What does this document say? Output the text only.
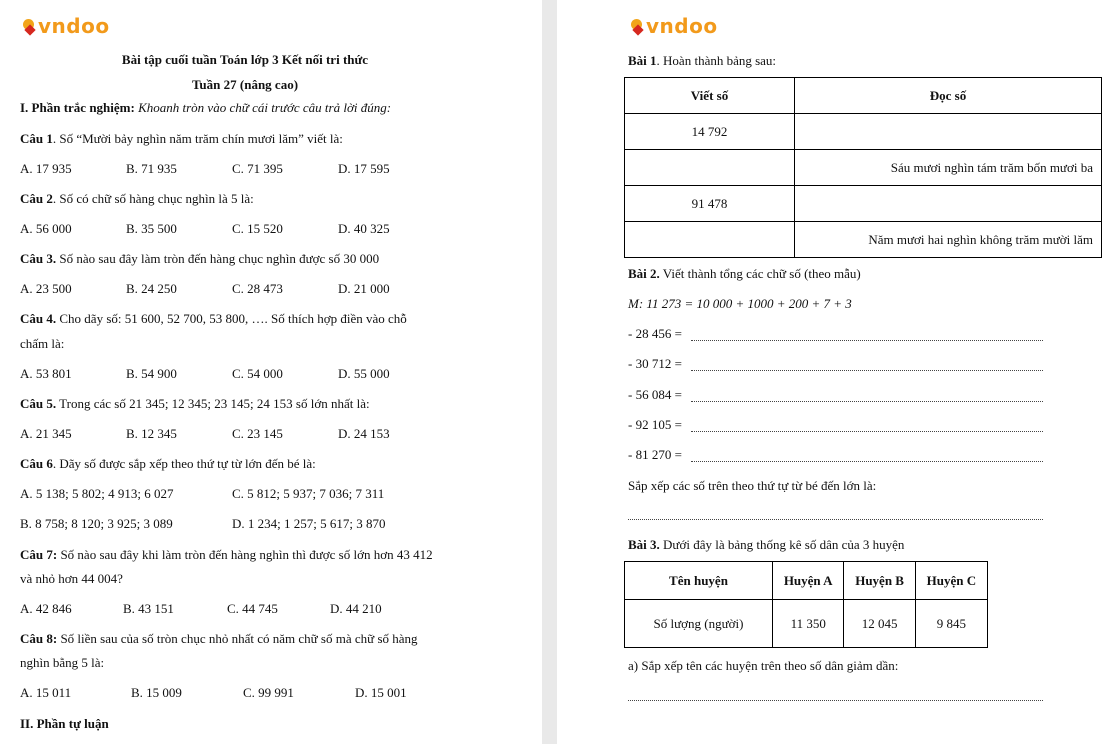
vndoo
Bài tập cuối tuần Toán lớp 3 Kết nối tri thức
Tuần 27 (nâng cao)
I. Phần trắc nghiệm: Khoanh tròn vào chữ cái trước câu trả lời đúng:
Câu 1. Số “Mười bảy nghìn năm trăm chín mươi lăm” viết là:
A. 17 935	B. 71 935	C. 71 395	D. 17 595
Câu 2. Số có chữ số hàng chục nghìn là 5 là:
A. 56 000	B. 35 500	C. 15 520	D. 40 325
Câu 3. Số nào sau đây làm tròn đến hàng chục nghìn được số 30 000
A. 23 500	B. 24 250	C. 28 473	D. 21 000
Câu 4. Cho dãy số: 51 600, 52 700, 53 800, …. Số thích hợp điền vào chỗ
chấm là:
A. 53 801	B. 54 900	C. 54 000	D. 55 000
Câu 5. Trong các số 21 345; 12 345; 23 145; 24 153 số lớn nhất là:
A. 21 345	B. 12 345	C. 23 145	D. 24 153
Câu 6. Dãy số được sắp xếp theo thứ tự từ lớn đến bé là:
A. 5 138; 5 802; 4 913; 6 027	C. 5 812; 5 937; 7 036; 7 311
B. 8 758; 8 120; 3 925; 3 089	D. 1 234; 1 257; 5 617; 3 870
Câu 7: Số nào sau đây khi làm tròn đến hàng nghìn thì được số lớn hơn 43 412
và nhỏ hơn 44 004?
A. 42 846	B. 43 151	C. 44 745	D. 44 210
Câu 8: Số liền sau của số tròn chục nhỏ nhất có năm chữ số mà chữ số hàng
nghìn bằng 5 là:
A. 15 011	B. 15 009	C. 99 991	D. 15 001
II. Phần tự luận
vndoo
Bài 1. Hoàn thành bảng sau:
Viết số	Đọc số
14 792	
	Sáu mươi nghìn tám trăm bốn mươi ba
91 478	
	Năm mươi hai nghìn không trăm mười lăm
Bài 2. Viết thành tổng các chữ số (theo mẫu)
M: 11 273 = 10 000 + 1000 + 200 + 7 + 3
- 28 456 =
- 30 712 =
- 56 084 =
- 92 105 =
- 81 270 =
Sắp xếp các số trên theo thứ tự từ bé đến lớn là:
Bài 3. Dưới đây là bảng thống kê số dân của 3 huyện
Tên huyện	Huyện A	Huyện B	Huyện C
Số lượng (người)	11 350	12 045	9 845
a) Sắp xếp tên các huyện trên theo số dân giảm dần:
